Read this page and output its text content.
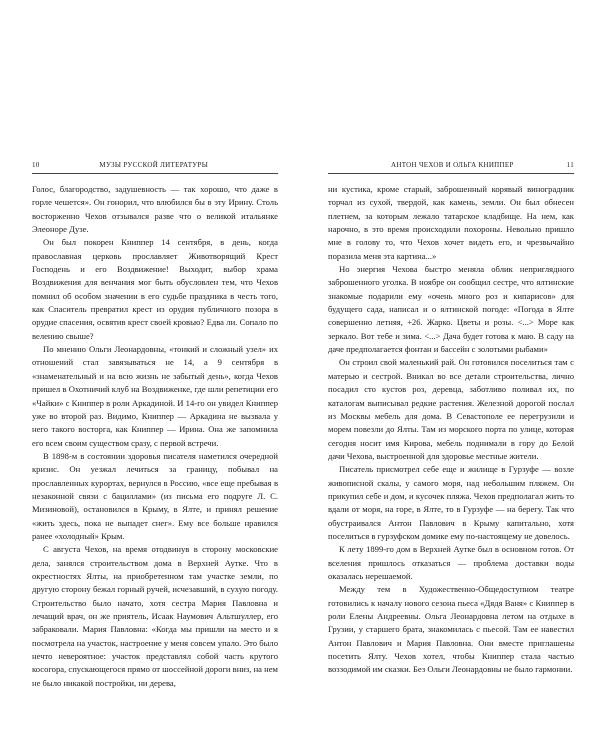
10	МУЗЫ РУССКОЙ ЛИТЕРАТУРЫ

Голос, благородство, задушевность — так хорошо, что даже в горле чешется». Он гонорил, что влюбился бы в эту Ирину. Столь восторженно Чехов отзывался разве что о великой итальянке Элеоноре Дузе.

Он был покорен Книппер 14 сентября, в день, когда православная церковь прославляет Животворящий Крест Господень и его Воздвижение! Выходит, выбор храма Воздвижения для венчания мог быть обусловлен тем, что Чехов помнил об особом значении в его судьбе праздника в честь того, как Спаситель превратил крест из орудия публичного позора в орудие спасения, освятив крест своей кровью? Едва ли. Сопало по велению свыше?

По мнению Ольги Леонардовны, «тонкий и сложный узел» их отношений стал завязываться не 14, а 9 сентября в «знаменательный и на всю жизнь не забытый день», когда Чехов пришел в Охотничий клуб на Воздвиженке, где шли репетиции его «Чайки» с Книппер в роли Аркадиной. И 14-го он увидел Книппер уже во второй раз. Видимо, Книппер — Аркадина не вызвала у него такого восторга, как Книппер — Ирина. Она же запомнила его всем своим существом сразу, с первой встречи.

В 1898-м в состоянии здоровья писателя наметился очередной кризис. Он уезжал лечиться за границу, побывал на прославленных курортах, вернулся в Россию, «все еще пребывая в незаконной связи с бациллами» (из письма его подруге Л. С. Мизиновой), остановился в Крыму, в Ялте, и принял решение «жить здесь, пока не выпадет снег». Ему все больше нравился ранее «холодный» Крым.

С августа Чехов, на время отодвинув в сторону московские дела, занялся строительством дома в Верхней Аутке. Что в окрестностях Ялты, на приобретенном там участке земли, по другую сторону бежал горный ручей, исчезавший, в сухую погоду. Строительство было начато, хотя сестра Мария Павловна и лечащий врач, он же приятель, Исаак Наумович Альтшуллер, его забраковали. Мария Павловна: «Когда мы пришли на место и я посмотрела на участок, настроение у меня совсем упало. Это было нечто невероятное: участок представлял собой часть крутого косогора, спускающегося прямо от шоссейной дороги вниз, на нем не было никакой постройки, ни дерева,

АНТОН ЧЕХОВ И ОЛЬГА КНИППЕР	11

ни кустика, кроме старый, заброшенный корявый виноградник торчал из сухой, твердой, как камень, земли. Он был обнесен плетнем, за которым лежало татарское кладбище. На нем, как нарочно, в это время происходили похороны. Невольно пришло мне в голову то, что Чехов хочет видеть его, и чрезвычайно поразила меня эта картина...»

Но энергия Чехова быстро меняла облик неприглядного заброшенного уголка. В ноябре он сообщил сестре, что ялтинские знакомые подарили ему «очень много роз и кипарисов» для будущего сада, написал и о ялтинской погоде: «Погода в Ялте совершенно летняя, +26. Жарко. Цветы и розы. <...> Море как зеркало. Вот тебе и зима. <...> Дача будет готова к маю. В саду на даче предполагается фонтан и бассейн с золотыми рыбами»

Он строил свой маленький рай. Он готовился поселиться там с матерью и сестрой. Вникал во все детали строительства, лично посадил сто кустов роз, деревца, заботливо поливал их, по каталогам выписывал редкие растения. Железной дорогой послал из Москвы мебель для дома. В Севастополе ее перегрузили и морем повезли до Ялты. Там из морского порта по улице, которая сегодня носит имя Кирова, мебель поднимали в гору до Белой дачи Чехова, выстроенной для здоровье местные жители.

Писатель присмотрел себе еще и жилище в Гурзуфе — возле живописной скалы, у самого моря, над небольшим пляжем. Он прикупил себе и дом, и кусочек пляжа. Чехов предполагал жить то вдали от моря, на горе, в Ялте, то в Гурзуфе — на берегу. Так что обустраивался Антон Павлович в Крыму капитально, хотя поселиться в гурзуфском домике ему по-настоящему не довелось.

К лету 1899-го дом в Верхней Аутке был в основном готов. От вселения пришлось отказаться — проблема доставки воды оказалась нерешаемой.

Между тем в Художественно-Общедоступном театре готовились к началу нового сезона пьеса «Дядя Ваня» с Книппер в роли Елены Андреевны. Ольга Леонардовна летом на отдыхе в Грузии, у старшего брата, знакомилась с пьесой. Там ее навестил Антон Павлович и Мария Павловна. Они вместе приглашены посетить Ялту. Чехов хотел, чтобы Книппер стала частью воззодимой им сказки. Без Ольги Леонардовны не было гармонии.
